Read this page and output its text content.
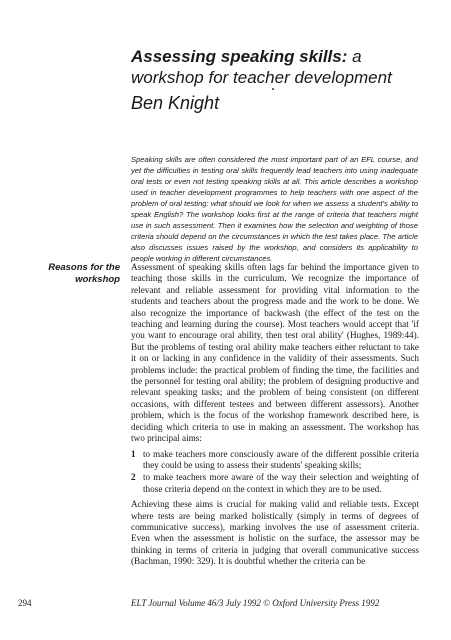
Assessing speaking skills: a
workshop for teacher development
Ben Knight

Speaking skills are often considered the most important part of an EFL course, and yet the difficulties in testing oral skills frequently lead teachers into using inadequate oral tests or even not testing speaking skills at all. This article describes a workshop used in teacher development programmes to help teachers with one aspect of the problem of oral testing: what should we look for when we assess a student's ability to speak English? The workshop looks first at the range of criteria that teachers might use in such assessment. Then it examines how the selection and weighting of those criteria should depend on the circumstances in which the test takes place. The article also discusses issues raised by the workshop, and considers its applicability to people working in different circumstances.

Reasons for the
workshop

Assessment of speaking skills often lags far behind the importance given to teaching those skills in the curriculum. We recognize the importance of relevant and reliable assessment for providing vital information to the students and teachers about the progress made and the work to be done. We also recognize the importance of backwash (the effect of the test on the teaching and learning during the course). Most teachers would accept that 'if you want to encourage oral ability, then test oral ability' (Hughes, 1989:44). But the problems of testing oral ability make teachers either reluctant to take it on or lacking in any confidence in the validity of their assessments. Such problems include: the practical problem of finding the time, the facilities and the personnel for testing oral ability; the problem of designing productive and relevant speaking tasks; and the problem of being consistent (on different occasions, with different testees and between different assessors). Another problem, which is the focus of the workshop framework described here, is deciding which criteria to use in making an assessment. The workshop has two principal aims:

1 to make teachers more consciously aware of the different possible criteria they could be using to assess their students' speaking skills;
2 to make teachers more aware of the way their selection and weighting of those criteria depend on the context in which they are to be used.

Achieving these aims is crucial for making valid and reliable tests. Except where tests are being marked holistically (simply in terms of degrees of communicative success), marking involves the use of assessment criteria. Even when the assessment is holistic on the surface, the assessor may be thinking in terms of criteria in judging that overall communicative success (Bachman, 1990: 329). It is doubtful whether the criteria can be

294	ELT Journal Volume 46/3 July 1992 © Oxford University Press 1992
